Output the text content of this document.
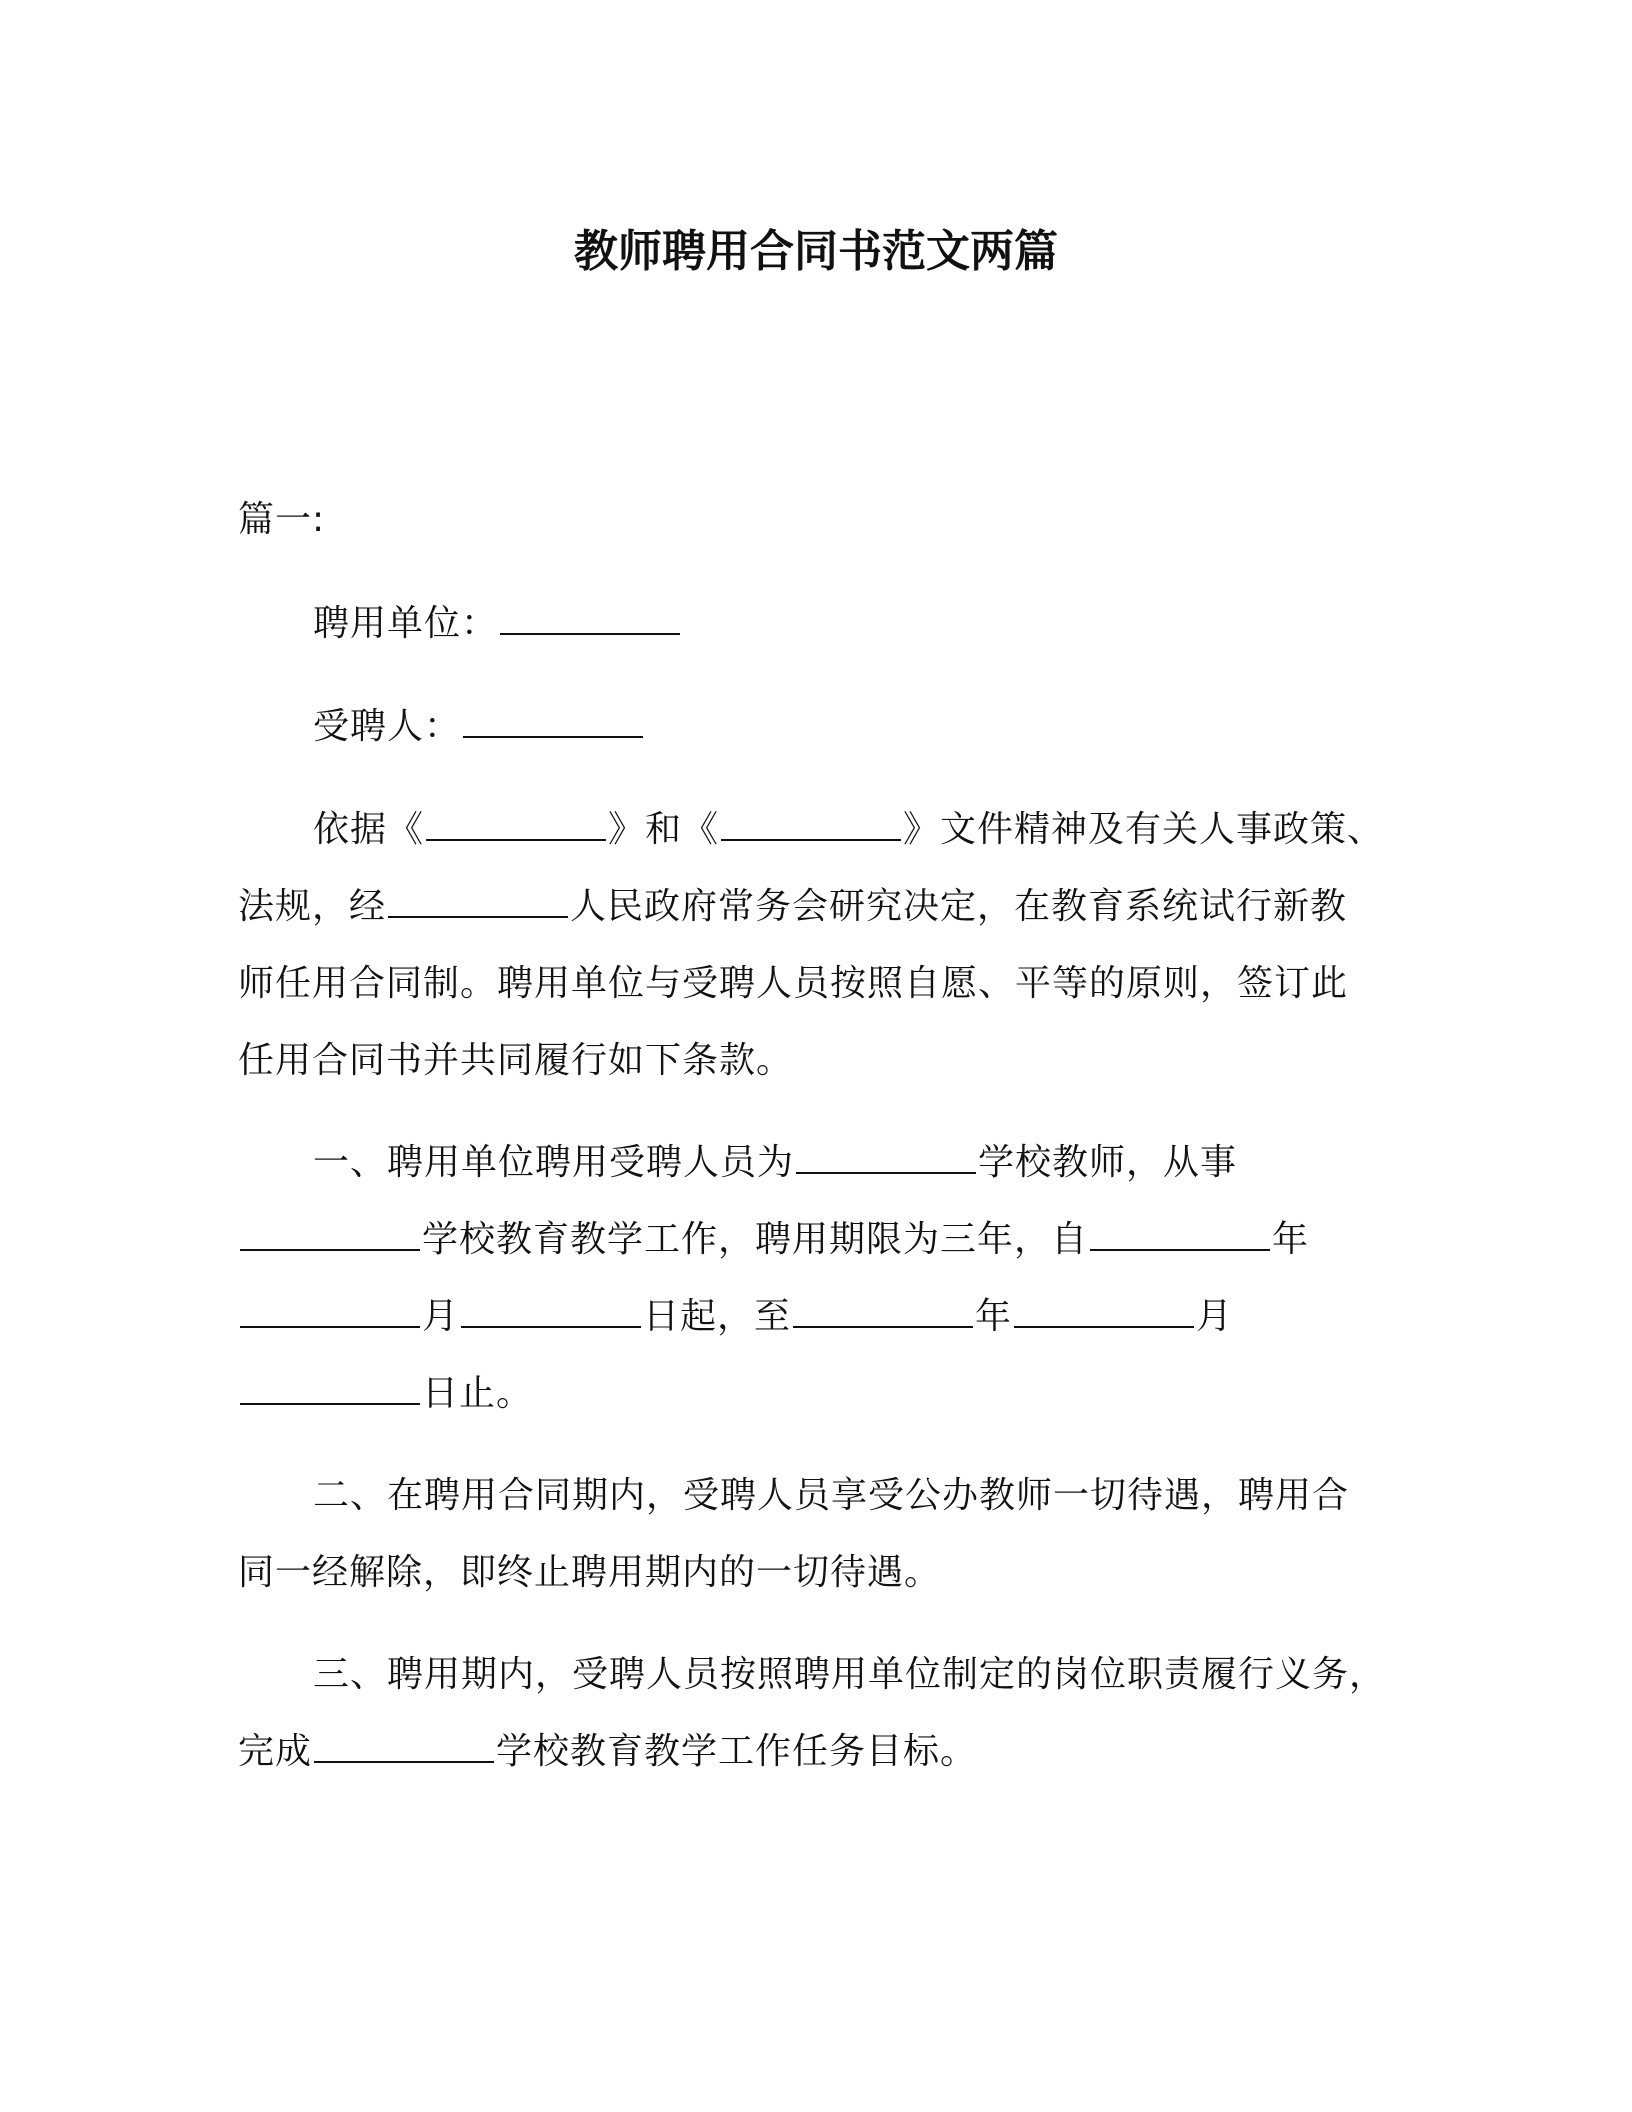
教师聘用合同书范文两篇
篇一:
聘用单位：
受聘人：
依据《	》和《	》文件精神及有关人事政策、
法规，经	人民政府常务会研究决定，在教育系统试行新教
师任用合同制。聘用单位与受聘人员按照自愿、平等的原则，签订此
任用合同书并共同履行如下条款。
一、聘用单位聘用受聘人员为	学校教师，从事
学校教育教学工作，聘用期限为三年，自	年
月	日起，至	年	月
日止。
二、在聘用合同期内，受聘人员享受公办教师一切待遇，聘用合
同一经解除，即终止聘用期内的一切待遇。
三、聘用期内，受聘人员按照聘用单位制定的岗位职责履行义务，
完成	学校教育教学工作任务目标。
